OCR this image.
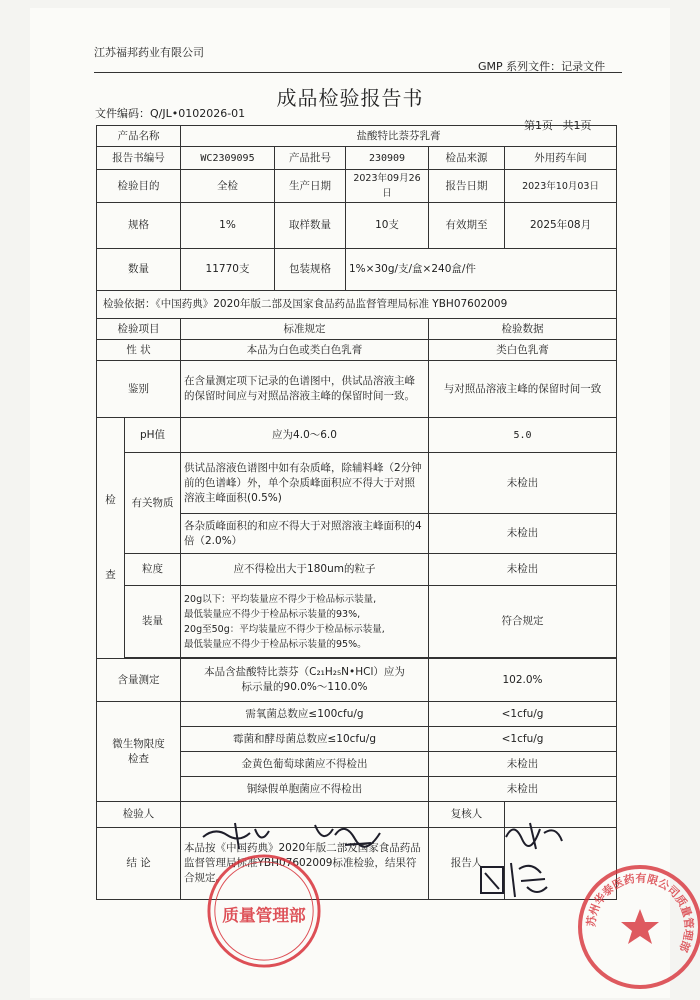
江苏福邦药业有限公司
GMP 系列文件：记录文件
成品检验报告书
文件编码：Q/JL•0102026-01
第1页 共1页
产品名称		盐酸特比萘芬乳膏				
报告书编号		WC2309095	产品批号	230909	检品来源	外用药车间
检验目的		全检	生产日期	2023年09月26日	报告日期	2023年10月03日
规格		1%	取样数量	10支	有效期至	2025年08月
数量		11770支	包装规格	1%×30g/支/盒×240盒/件		
检验依据：《中国药典》2020年版二部及国家食品药品监督管理局标准 YBH07602009						
检验项目		标准规定			检验数据	
性 状		本品为白色或类白色乳膏			类白色乳膏	
鉴别		在含量测定项下记录的色谱图中，供试品溶液主峰的保留时间应与对照品溶液主峰的保留时间一致。			与对照品溶液主峰的保留时间一致	

检
查	pH值	应为4.0～6.0			5.0	
	有关物质	供试品溶液色谱图中如有杂质峰，除辅料峰（2分钟前的色谱峰）外，单个杂质峰面积应不得大于对照溶液主峰面积(0.5%)			未检出	
		各杂质峰面积的和应不得大于对照溶液主峰面积的4倍（2.0%）			未检出	
	粒度	应不得检出大于180um的粒子			未检出	
	装量	20g以下：平均装量应不得少于检品标示装量,
最低装量应不得少于检品标示装量的93%,
20g至50g：平均装量应不得少于检品标示装量,
最低装量应不得少于检品标示装量的95%。			符合规定	

含量测定		本品含盐酸特比萘芬（C₂₁H₂₅N•HCl）应为
标示量的90.0%～110.0%			102.0%	

微生物限度
检查		需氧菌总数应≤100cfu/g			<1cfu/g	
		霉菌和酵母菌总数应≤10cfu/g			<1cfu/g	
		金黄色葡萄球菌应不得检出			未检出	
		铜绿假单胞菌应不得检出			未检出	
检验人					复核人	
结 论		本品按《中国药典》2020年版二部及国家食品药品监督管理局标准YBH07602009标准检验，结果符合规定。			报告人	
质量管理部	苏州华泰医药有限公司质量管理部
